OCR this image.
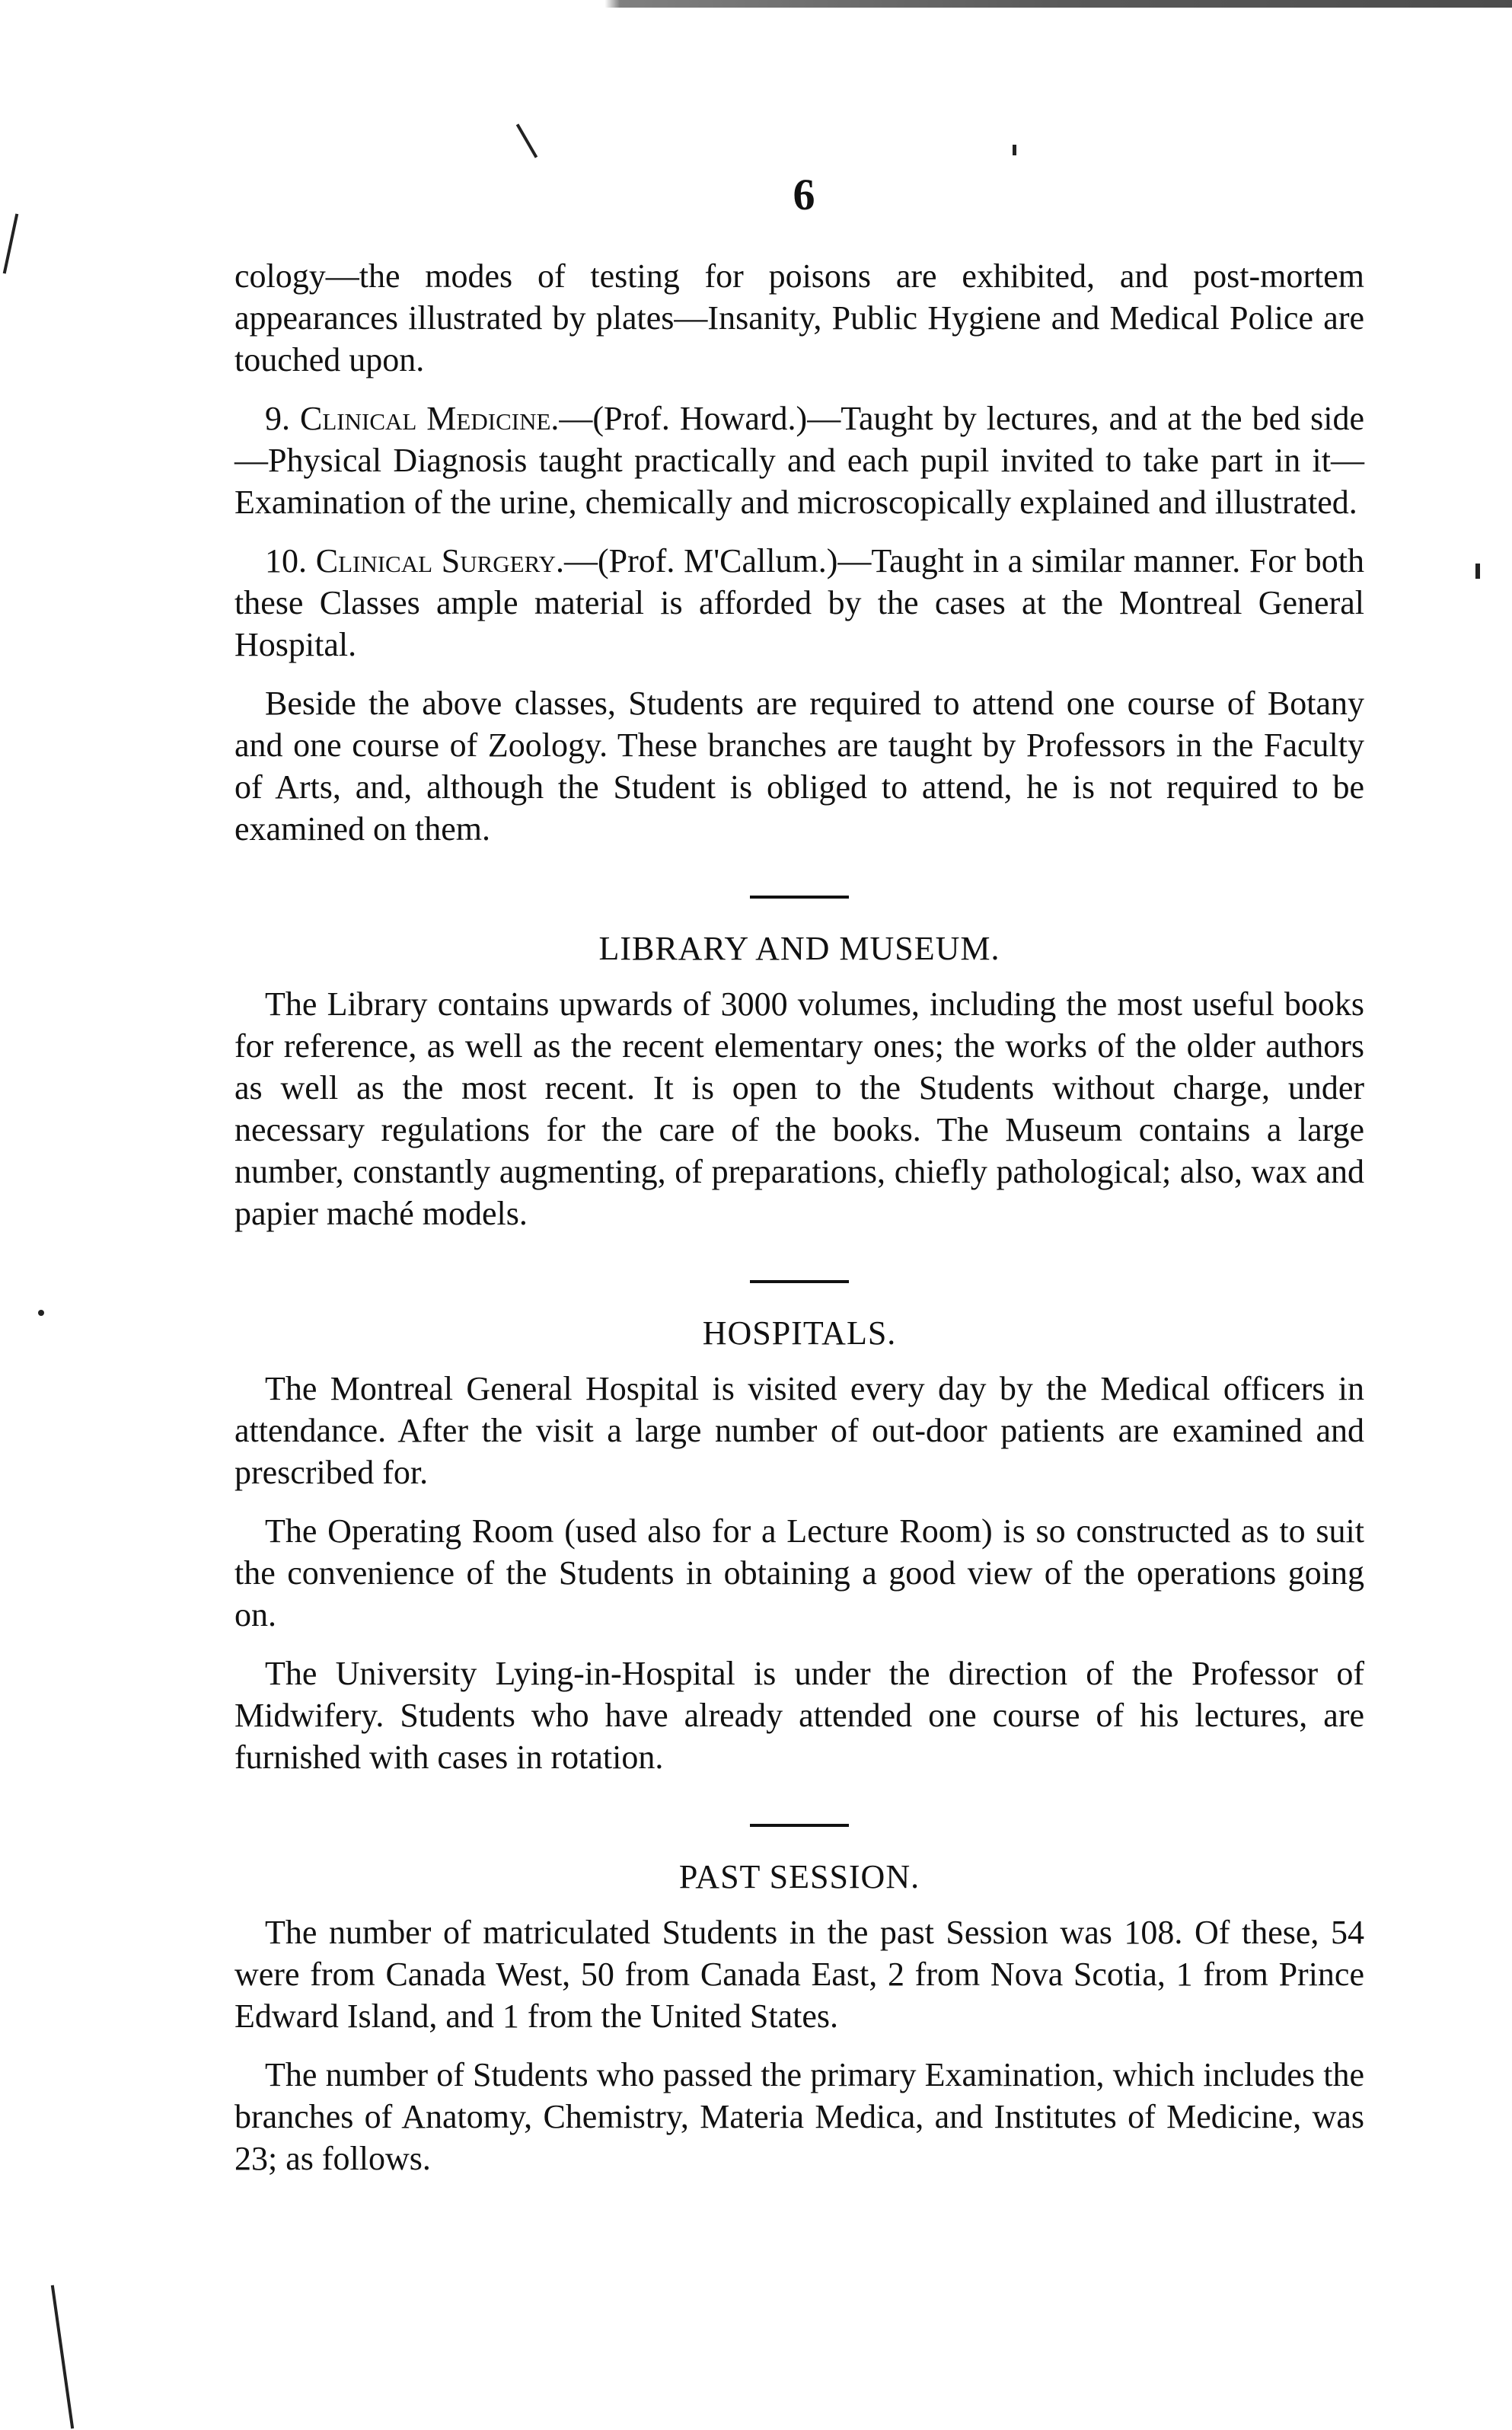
6

cology—the modes of testing for poisons are exhibited, and post-mortem appearances illustrated by plates—Insanity, Public Hygiene and Medical Police are touched upon.

9. Clinical Medicine.—(Prof. Howard.)—Taught by lectures, and at the bed side—Physical Diagnosis taught practically and each pupil invited to take part in it—Examination of the urine, chemically and microscopically explained and illustrated.

10. Clinical Surgery.—(Prof. M'Callum.)—Taught in a similar manner. For both these Classes ample material is afforded by the cases at the Montreal General Hospital.

Beside the above classes, Students are required to attend one course of Botany and one course of Zoology. These branches are taught by Professors in the Faculty of Arts, and, although the Student is obliged to attend, he is not required to be examined on them.

LIBRARY AND MUSEUM.

The Library contains upwards of 3000 volumes, including the most useful books for reference, as well as the recent elementary ones; the works of the older authors as well as the most recent. It is open to the Students without charge, under necessary regulations for the care of the books. The Museum contains a large number, constantly augmenting, of preparations, chiefly pathological; also, wax and papier maché models.

HOSPITALS.

The Montreal General Hospital is visited every day by the Medical officers in attendance. After the visit a large number of out-door patients are examined and prescribed for.

The Operating Room (used also for a Lecture Room) is so constructed as to suit the convenience of the Students in obtaining a good view of the operations going on.

The University Lying-in-Hospital is under the direction of the Professor of Midwifery. Students who have already attended one course of his lectures, are furnished with cases in rotation.

PAST SESSION.

The number of matriculated Students in the past Session was 108. Of these, 54 were from Canada West, 50 from Canada East, 2 from Nova Scotia, 1 from Prince Edward Island, and 1 from the United States.

The number of Students who passed the primary Examination, which includes the branches of Anatomy, Chemistry, Materia Medica, and Institutes of Medicine, was 23; as follows.
